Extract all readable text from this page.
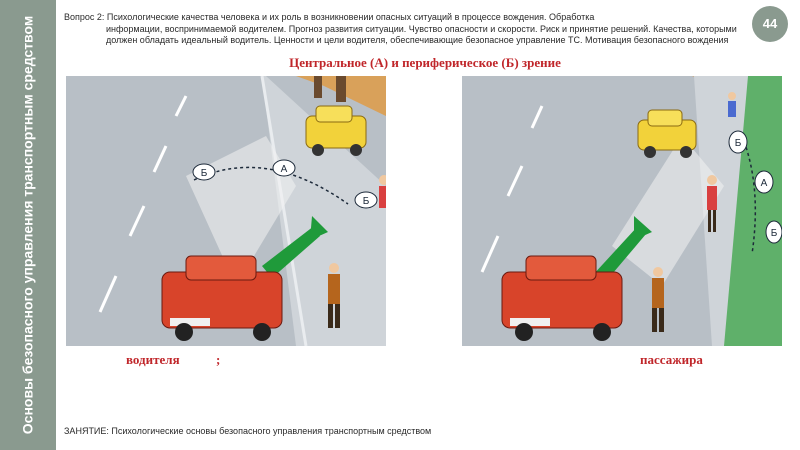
Основы безопасного управления транспортным средством	Вопрос 2: Психологические качества человека и их роль в возникновении опасных ситуаций в процессе вождения. Обработка
информации, воспринимаемой водителем. Прогноз развития ситуации. Чувство опасности и скорости. Риск и принятие решений. Качества, которыми должен обладать идеальный водитель. Ценности и цели водителя, обеспечивающие безопасное управление ТС. Мотивация безопасного вождения
44
Центральное (А) и периферическое (Б) зрение
Б	А
Б
Б
А
Б
водителя	;	пассажира
ЗАНЯТИЕ: Психологические основы безопасного управления транспортным средством
